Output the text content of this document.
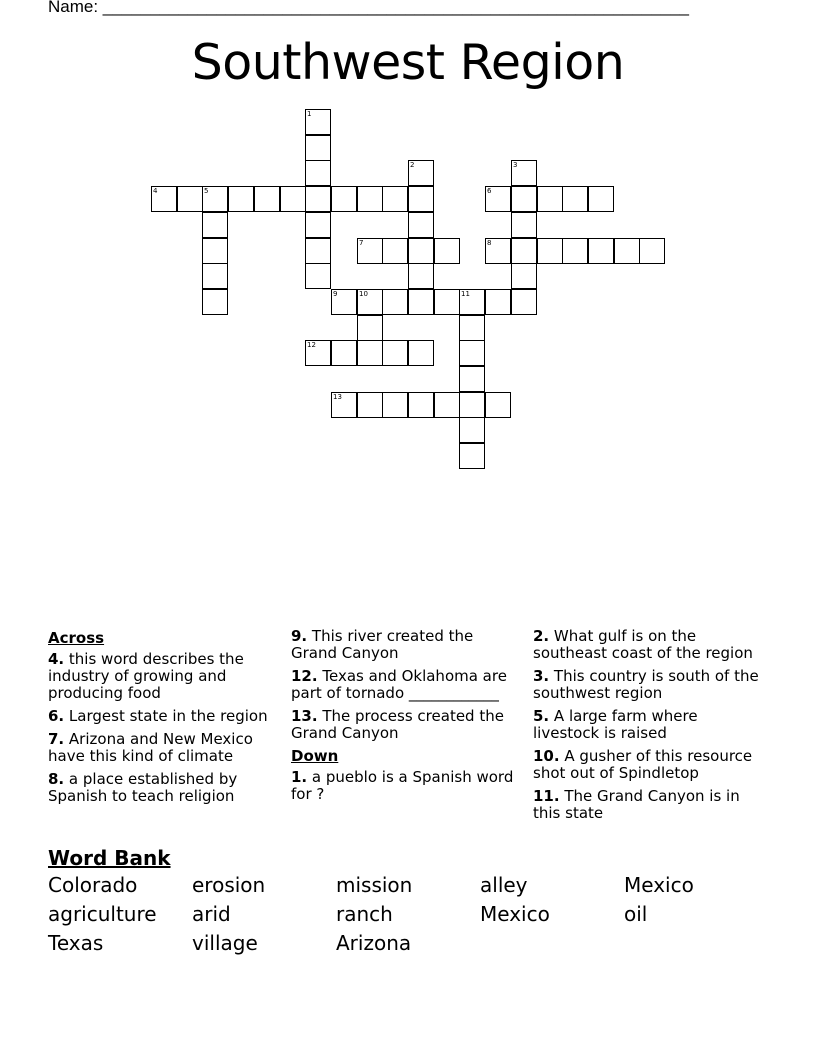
Name: ______________________________________________________________
Southwest Region
1
2	3
4	5	6
7	8
9	10	11
12
13
Across
4. this word describes the industry of growing and producing food
6. Largest state in the region
7. Arizona and New Mexico have this kind of climate
8. a place established by Spanish to teach religion
9. This river created the Grand Canyon
12. Texas and Oklahoma are part of tornado ____________
13. The process created the Grand Canyon
Down
1. a pueblo is a Spanish word for ?
2. What gulf is on the southeast coast of the region
3. This country is south of the southwest region
5. A large farm where livestock is raised
10. A gusher of this resource shot out of Spindletop
11. The Grand Canyon is in this state
Word Bank
Colorado	erosion	mission	alley	Mexico
agriculture	arid	ranch	Mexico	oil
Texas	village	Arizona
